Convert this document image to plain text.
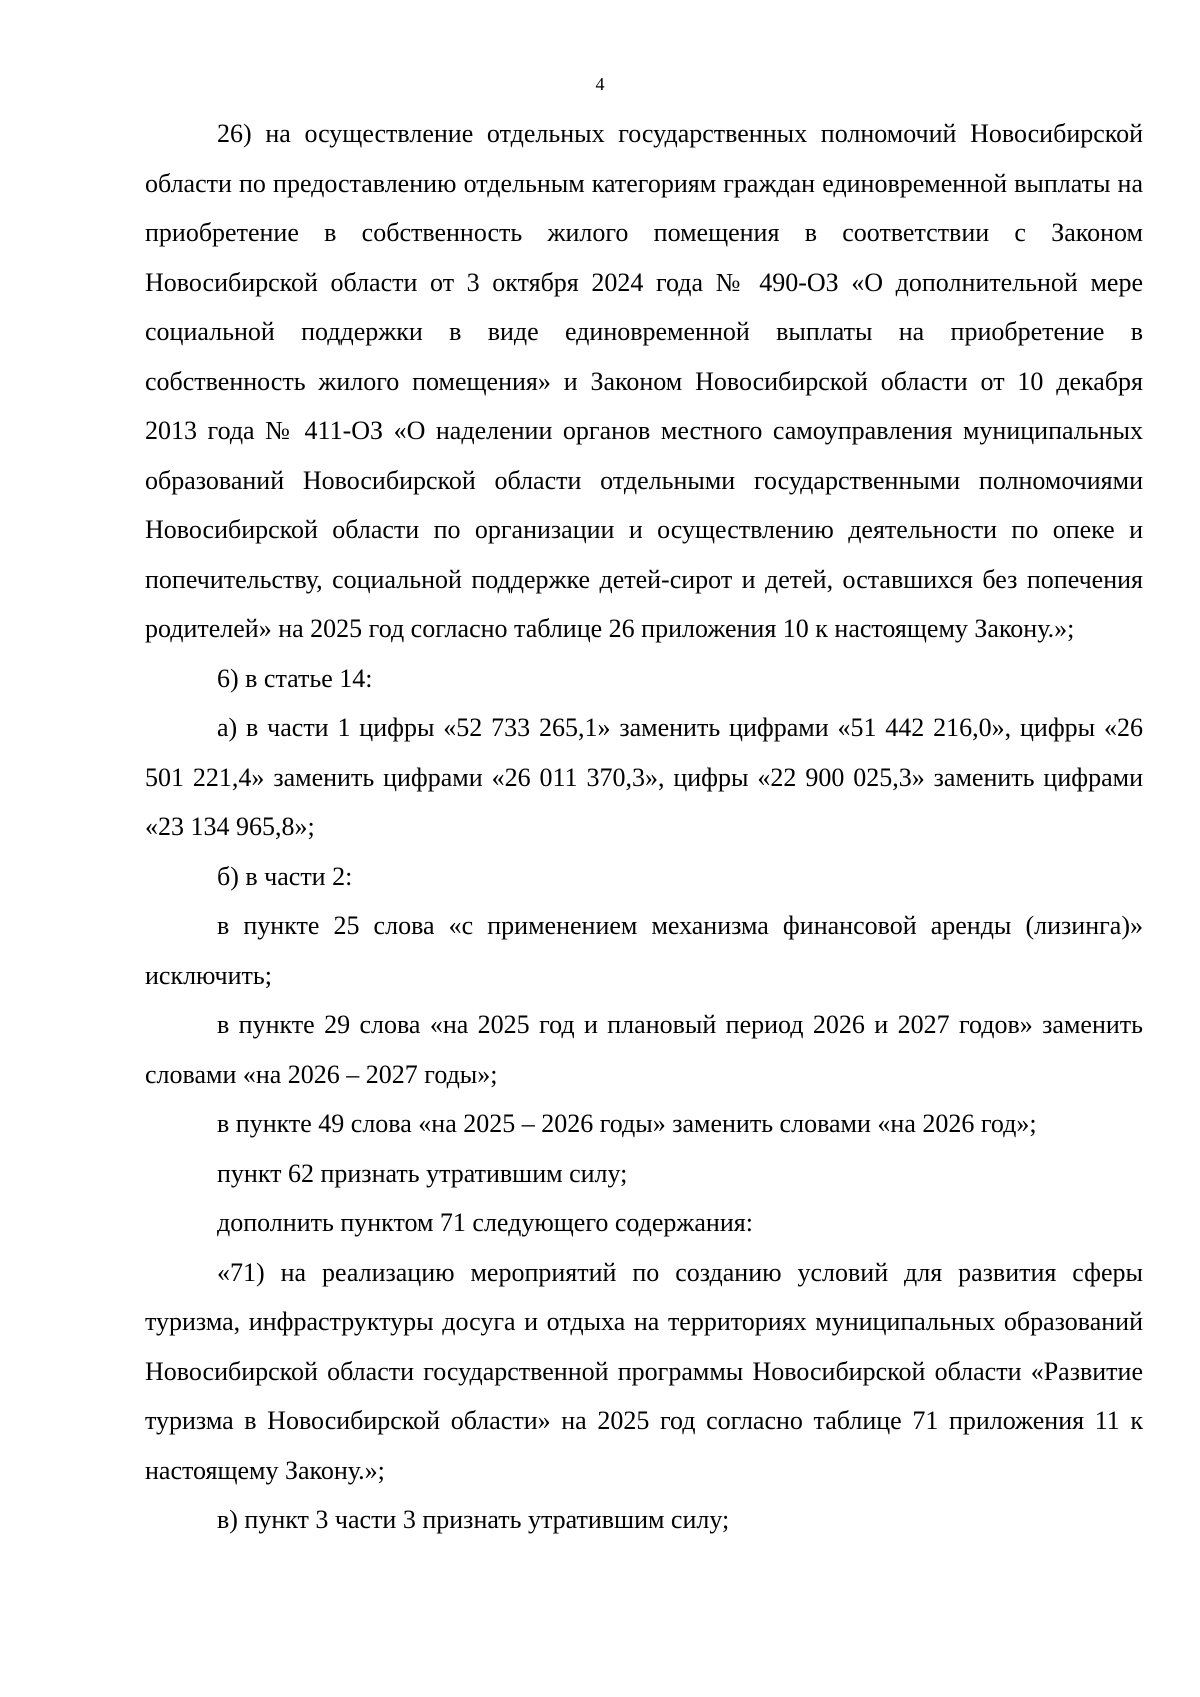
4

26) на осуществление отдельных государственных полномочий Новосибирской области по предоставлению отдельным категориям граждан единовременной выплаты на приобретение в собственность жилого помещения в соответствии с Законом Новосибирской области от 3 октября 2024 года № 490-ОЗ «О дополнительной мере социальной поддержки в виде единовременной выплаты на приобретение в собственность жилого помещения» и Законом Новосибирской области от 10 декабря 2013 года № 411-ОЗ «О наделении органов местного самоуправления муниципальных образований Новосибирской области отдельными государственными полномочиями Новосибирской области по организации и осуществлению деятельности по опеке и попечительству, социальной поддержке детей-сирот и детей, оставшихся без попечения родителей» на 2025 год согласно таблице 26 приложения 10 к настоящему Закону.»;

6) в статье 14:

а) в части 1 цифры «52 733 265,1» заменить цифрами «51 442 216,0», цифры «26 501 221,4» заменить цифрами «26 011 370,3», цифры «22 900 025,3» заменить цифрами «23 134 965,8»;

б) в части 2:

в пункте 25 слова «с применением механизма финансовой аренды (лизинга)» исключить;

в пункте 29 слова «на 2025 год и плановый период 2026 и 2027 годов» заменить словами «на 2026 – 2027 годы»;

в пункте 49 слова «на 2025 – 2026 годы» заменить словами «на 2026 год»;

пункт 62 признать утратившим силу;

дополнить пунктом 71 следующего содержания:

«71) на реализацию мероприятий по созданию условий для развития сферы туризма, инфраструктуры досуга и отдыха на территориях муниципальных образований Новосибирской области государственной программы Новосибирской области «Развитие туризма в Новосибирской области» на 2025 год согласно таблице 71 приложения 11 к настоящему Закону.»;

в) пункт 3 части 3 признать утратившим силу;
